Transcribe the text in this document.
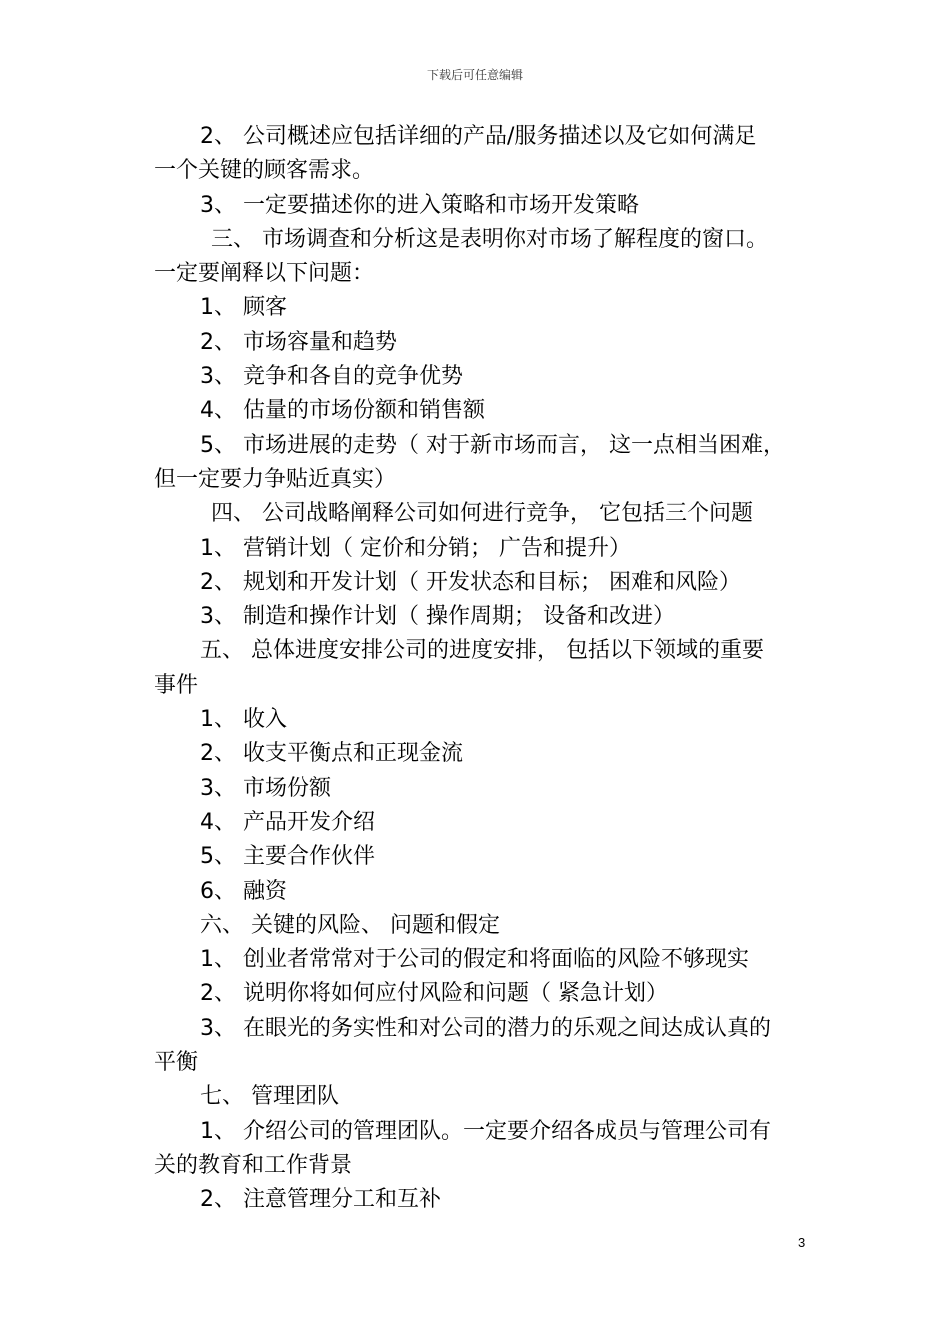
下载后可任意编辑
2、 公司概述应包括详细的产品/服务描述以及它如何满足
一个关键的顾客需求。
3、 一定要描述你的进入策略和市场开发策略
三、 市场调查和分析这是表明你对市场了解程度的窗口。
一定要阐释以下问题：
1、 顾客
2、 市场容量和趋势
3、 竞争和各自的竞争优势
4、 估量的市场份额和销售额
5、 市场进展的走势（ 对于新市场而言， 这一点相当困难，
但一定要力争贴近真实）
四、 公司战略阐释公司如何进行竞争， 它包括三个问题
1、 营销计划（ 定价和分销； 广告和提升）
2、 规划和开发计划（ 开发状态和目标； 困难和风险）
3、 制造和操作计划（ 操作周期； 设备和改进）
五、 总体进度安排公司的进度安排， 包括以下领域的重要
事件
1、 收入
2、 收支平衡点和正现金流
3、 市场份额
4、 产品开发介绍
5、 主要合作伙伴
6、 融资
六、 关键的风险、 问题和假定
1、 创业者常常对于公司的假定和将面临的风险不够现实
2、 说明你将如何应付风险和问题（ 紧急计划）
3、 在眼光的务实性和对公司的潜力的乐观之间达成认真的
平衡
七、 管理团队
1、 介绍公司的管理团队。一定要介绍各成员与管理公司有
关的教育和工作背景
2、 注意管理分工和互补
3
